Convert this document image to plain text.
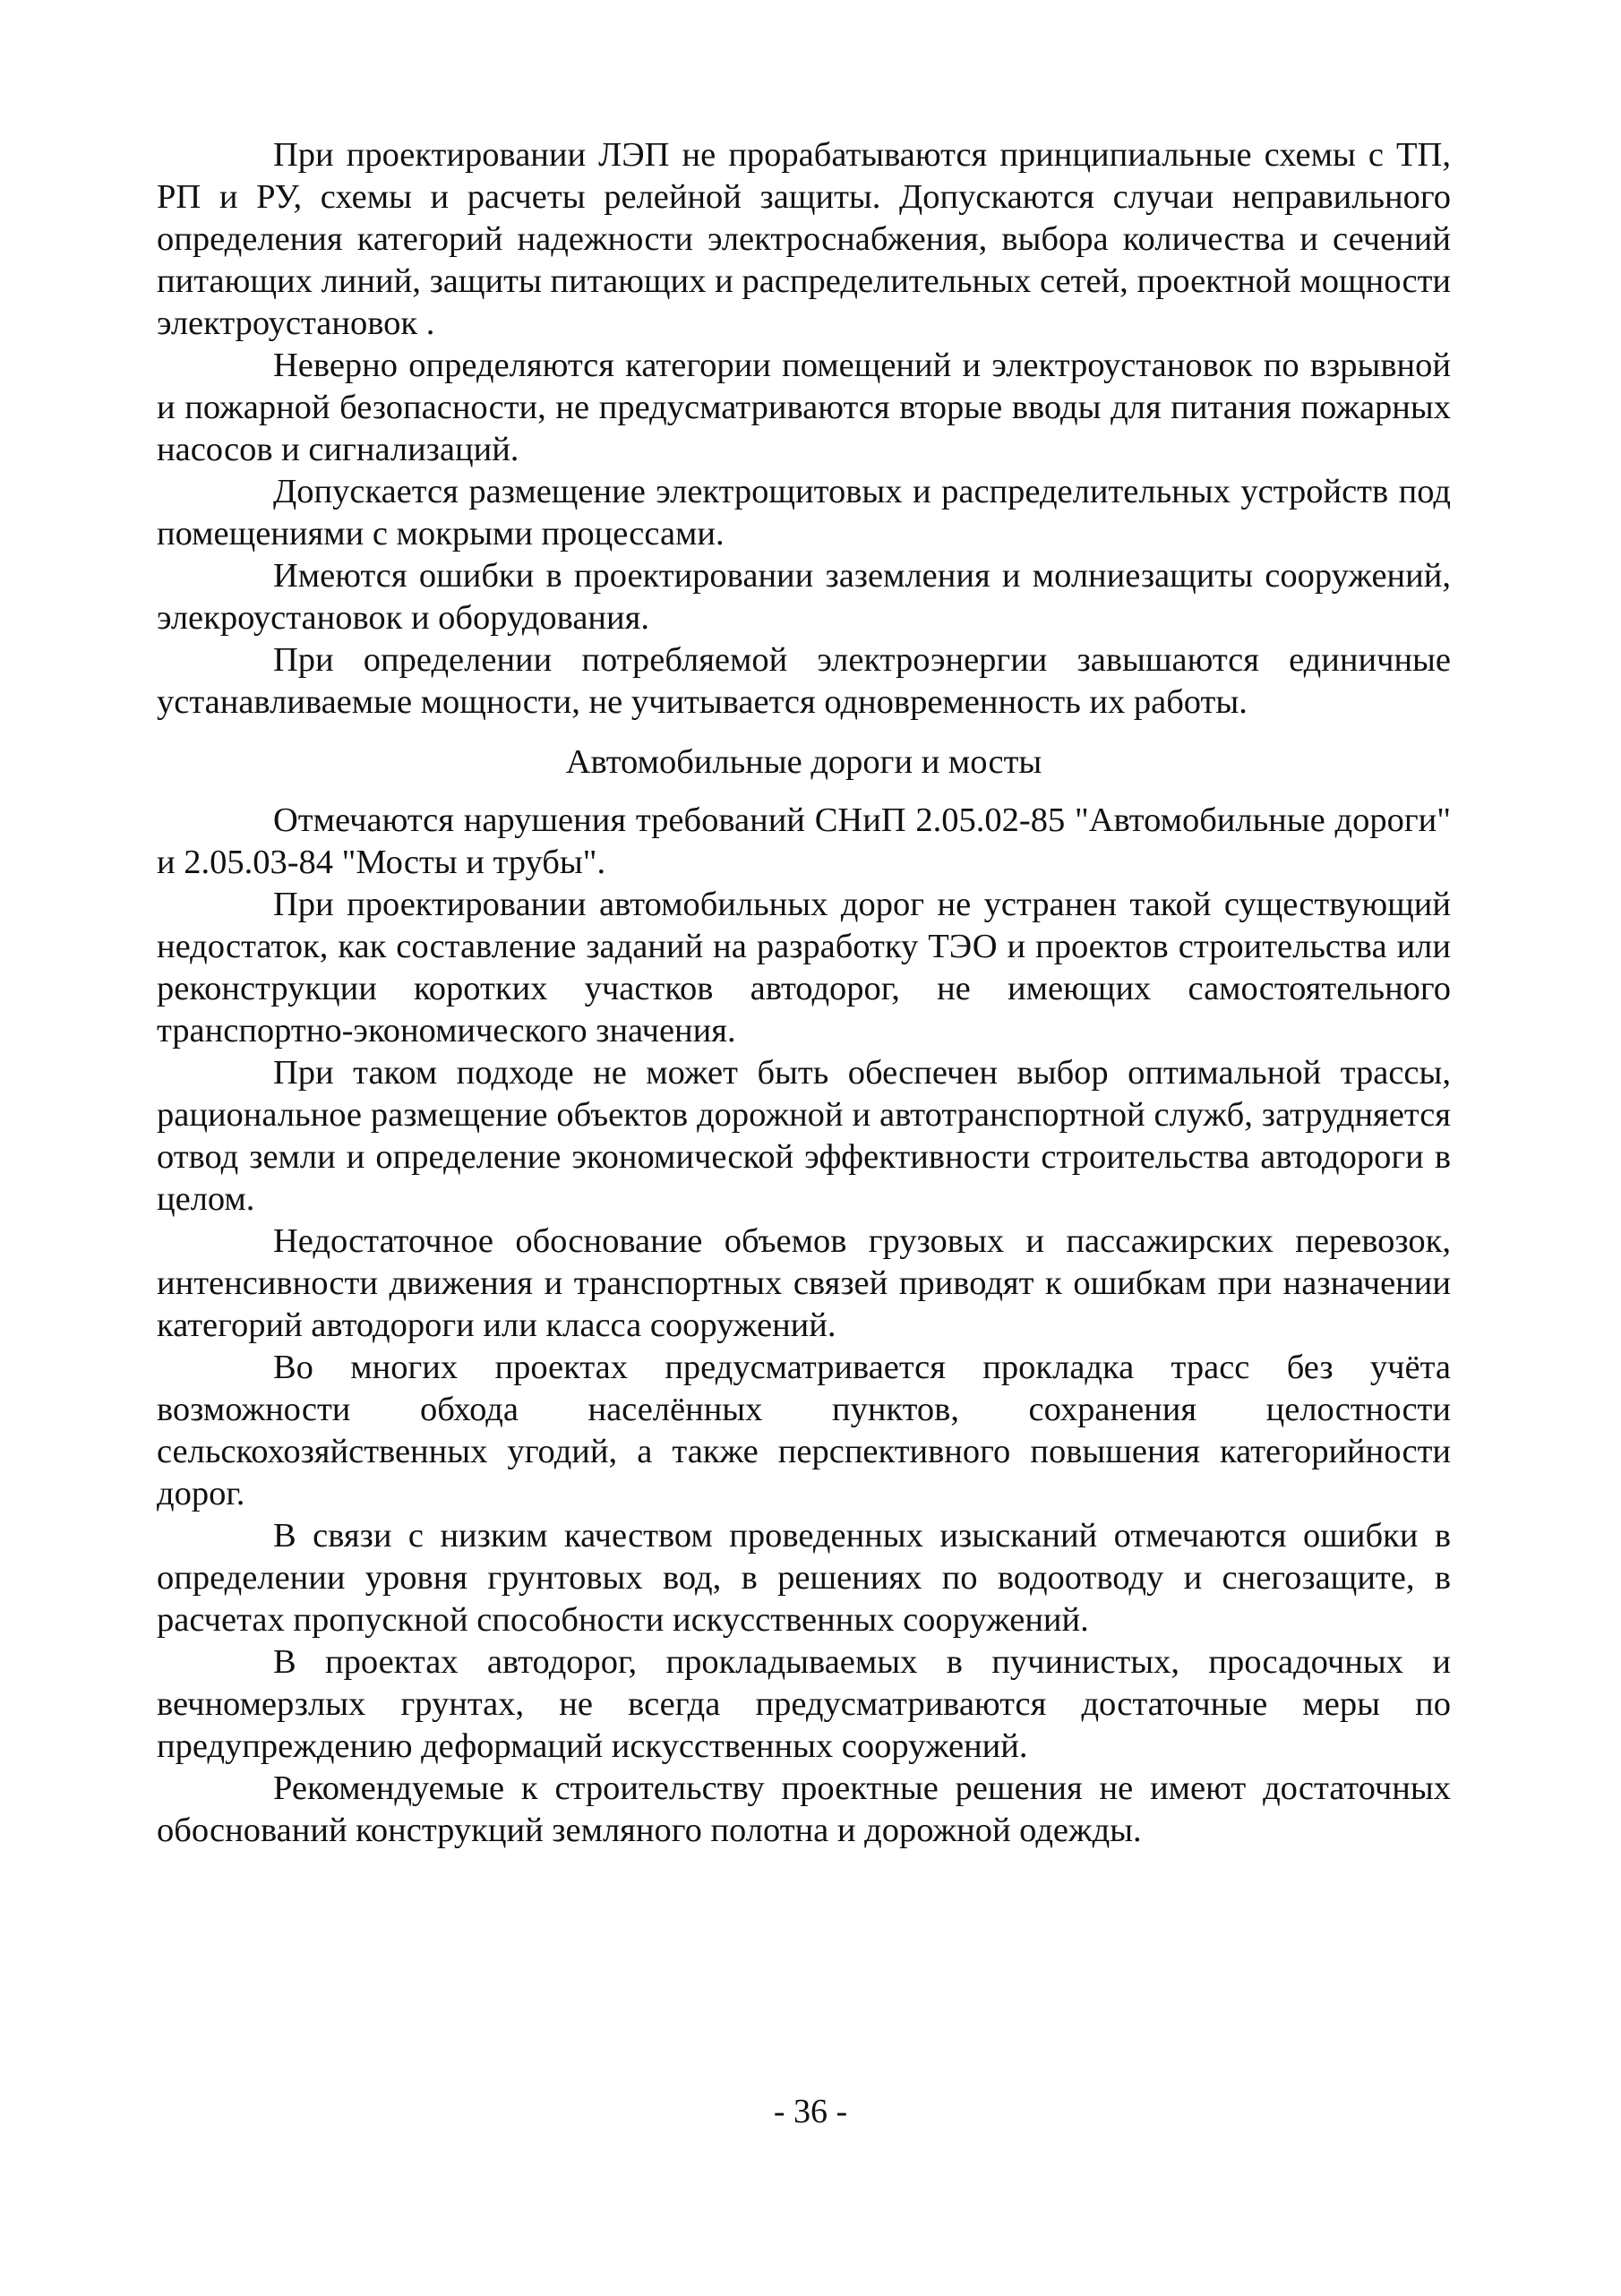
При проектировании ЛЭП не прорабатываются принципиальные схемы с ТП, РП и РУ, схемы и расчеты релейной защиты. Допускаются случаи неправильного определения категорий надежности электроснабжения, выбора количества и сечений питающих линий, защиты питающих и распределительных сетей, проектной мощности электроустановок .

Неверно определяются категории помещений и электроустановок по взрывной и пожарной безопасности, не предусматриваются вторые вводы для питания пожарных насосов и сигнализаций.

Допускается размещение электрощитовых и распределительных устройств под помещениями с мокрыми процессами.

Имеются ошибки в проектировании заземления и молниезащиты сооружений, элекроустановок и оборудования.

При определении потребляемой электроэнергии завышаются единичные устанавливаемые мощности, не учитывается одновременность их работы.

Автомобильные дороги и мосты

Отмечаются нарушения требований СНиП 2.05.02-85 "Автомобильные дороги" и 2.05.03-84 "Мосты и трубы".

При проектировании автомобильных дорог не устранен такой существующий недостаток, как составление заданий на разработку ТЭО и проектов строительства или реконструкции коротких участков автодорог, не имеющих самостоятельного транспортно-экономического значения.

При таком подходе не может быть обеспечен выбор оптимальной трассы, рациональное размещение объектов дорожной и автотранспортной служб, затрудняется отвод земли и определение экономической эффективности строительства автодороги в целом.

Недостаточное обоснование объемов грузовых и пассажирских перевозок, интенсивности движения и транспортных связей приводят к ошибкам при назначении категорий автодороги или класса сооружений.

Во многих проектах предусматривается прокладка трасс без учёта возможности обхода населённых пунктов, сохранения целостности сельскохозяйственных угодий, а также перспективного повышения категорийности дорог.

В связи с низким качеством проведенных изысканий отмечаются ошибки в определении уровня грунтовых вод, в решениях по водоотводу и снегозащите, в расчетах пропускной способности искусственных сооружений.

В проектах автодорог, прокладываемых в пучинистых, просадочных и вечномерзлых грунтах, не всегда предусматриваются достаточные меры по предупреждению деформаций искусственных сооружений.

Рекомендуемые к строительству проектные решения не имеют достаточных обоснований конструкций земляного полотна и дорожной одежды.

- 36 -
